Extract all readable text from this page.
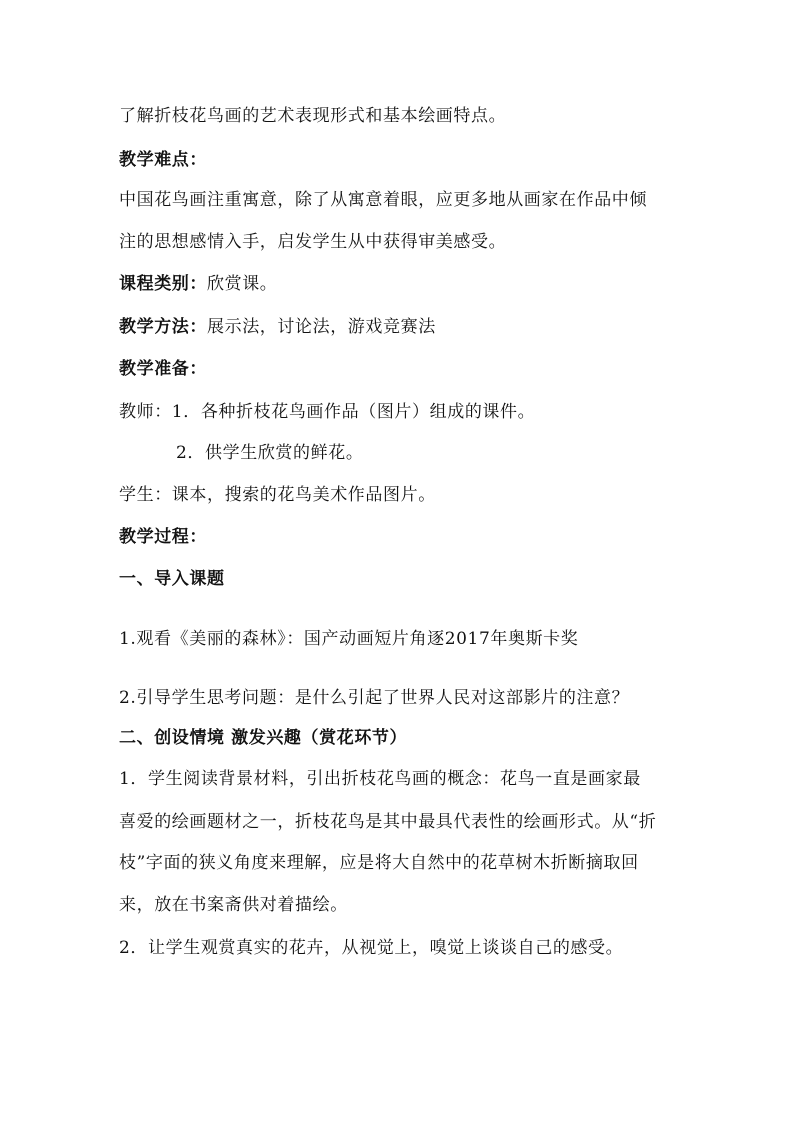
了解折枝花鸟画的艺术表现形式和基本绘画特点。
教学难点：
中国花鸟画注重寓意，除了从寓意着眼，应更多地从画家在作品中倾
注的思想感情入手，启发学生从中获得审美感受。
课程类别：欣赏课。
教学方法：展示法，讨论法，游戏竞赛法
教学准备：
教师：1．各种折枝花鸟画作品（图片）组成的课件。
2．供学生欣赏的鲜花。
学生：课本，搜索的花鸟美术作品图片。
教学过程：
一、导入课题
1.观看《美丽的森林》：国产动画短片角逐2017年奥斯卡奖
2.引导学生思考问题：是什么引起了世界人民对这部影片的注意？
二、创设情境 激发兴趣（赏花环节）
1．学生阅读背景材料，引出折枝花鸟画的概念：花鸟一直是画家最
喜爱的绘画题材之一，折枝花鸟是其中最具代表性的绘画形式。从“折
枝”字面的狭义角度来理解，应是将大自然中的花草树木折断摘取回
来，放在书案斋供对着描绘。
2．让学生观赏真实的花卉，从视觉上，嗅觉上谈谈自己的感受。
